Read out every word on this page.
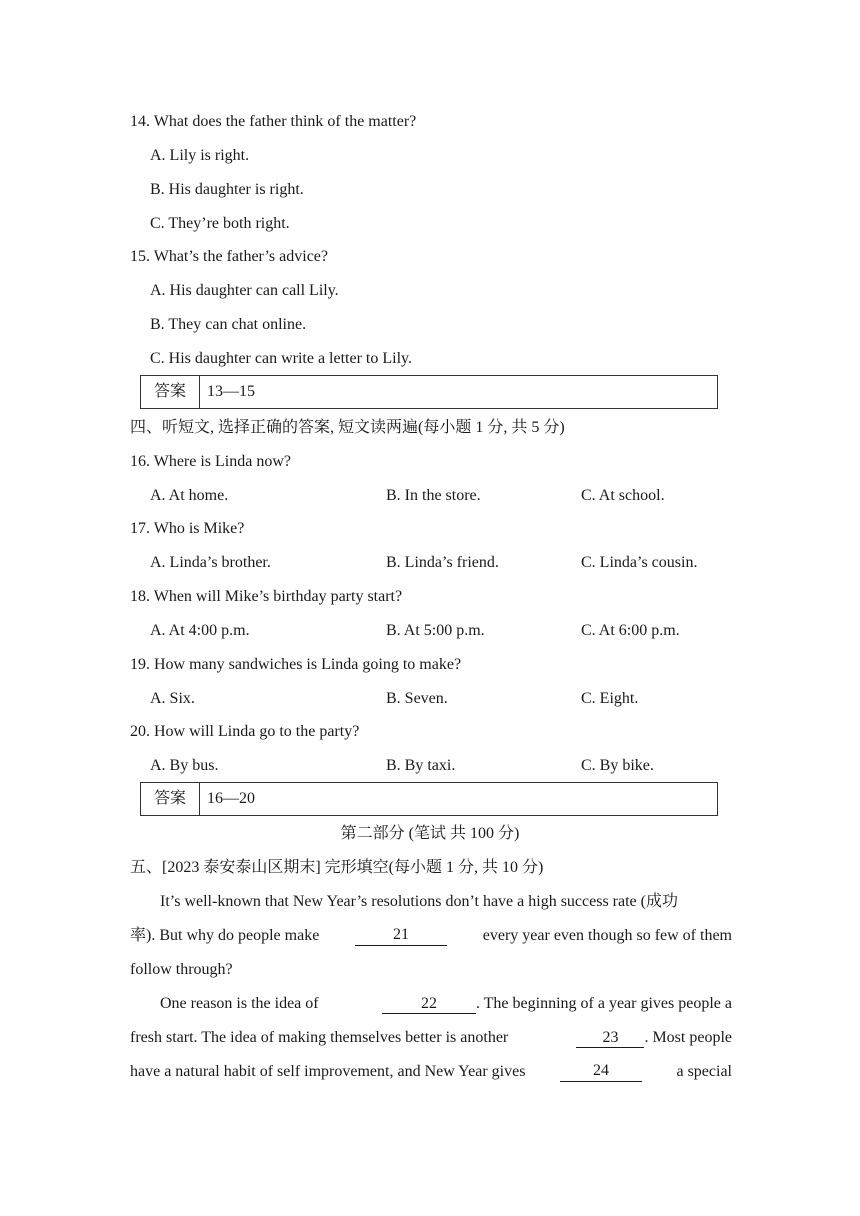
14. What does the father think of the matter?
A. Lily is right.
B. His daughter is right.
C. They’re both right.
15. What’s the father’s advice?
A. His daughter can call Lily.
B. They can chat online.
C. His daughter can write a letter to Lily.
答案	13—15
四、听短文, 选择正确的答案, 短文读两遍(每小题 1 分, 共 5 分)
16. Where is Linda now?
A. At home.	B. In the store.	C. At school.
17. Who is Mike?
A. Linda’s brother.	B. Linda’s friend.	C. Linda’s cousin.
18. When will Mike’s birthday party start?
A. At 4:00 p.m.	B. At 5:00 p.m.	C. At 6:00 p.m.
19. How many sandwiches is Linda going to make?
A. Six.	B. Seven.	C. Eight.
20. How will Linda go to the party?
A. By bus.	B. By taxi.	C. By bike.
答案	16—20
第二部分 (笔试 共 100 分)
五、[2023 泰安泰山区期末] 完形填空(每小题 1 分, 共 10 分)
It’s well-known that New Year’s resolutions don’t have a high success rate (成功
率). But why do people make	21	every year even though so few of them
follow through?
One reason is the idea of	22	. The beginning of a year gives people a
fresh start. The idea of making themselves better is another	23	. Most people
have a natural habit of self improvement, and New Year gives	24	a special
